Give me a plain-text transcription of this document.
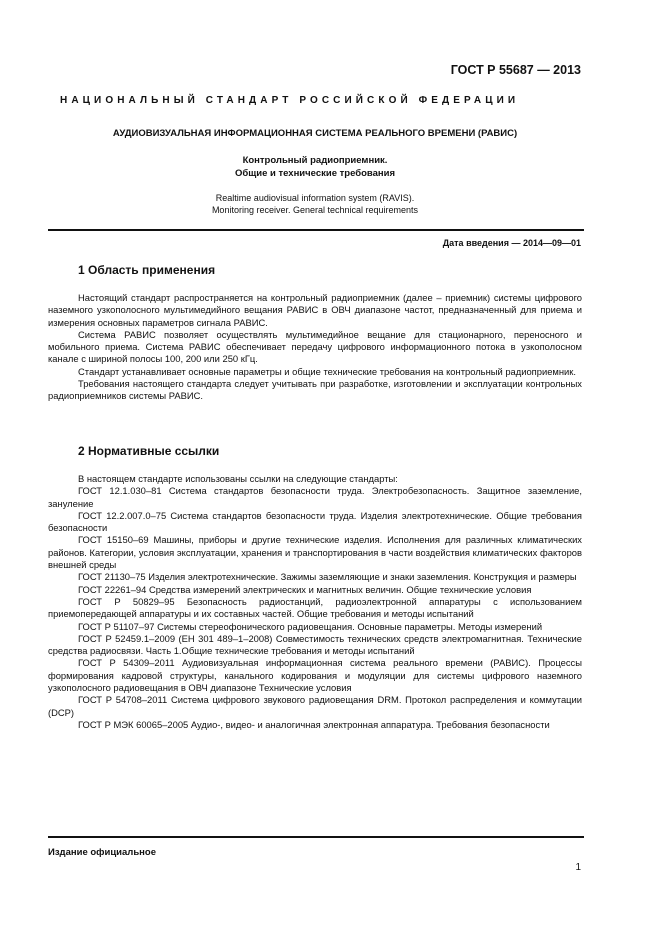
ГОСТ Р 55687 — 2013
НАЦИОНАЛЬНЫЙ СТАНДАРТ РОССИЙСКОЙ ФЕДЕРАЦИИ
АУДИОВИЗУАЛЬНАЯ ИНФОРМАЦИОННАЯ СИСТЕМА РЕАЛЬНОГО ВРЕМЕНИ (РАВИС)
Контрольный радиоприемник.
Общие и технические требования
Realtime audiovisual information system (RAVIS).
Monitoring receiver. General technical requirements
Дата введения — 2014—09—01
1 Область применения

Настоящий стандарт распространяется на контрольный радиоприемник (далее – приемник) системы цифрового наземного узкополосного мультимедийного вещания РАВИС в ОВЧ диапазоне частот, предназначенный для приема и измерения основных параметров сигнала РАВИС.

Система РАВИС позволяет осуществлять мультимедийное вещание для стационарного, переносного и мобильного приема. Система РАВИС обеспечивает передачу цифрового информационного потока в узкополосном канале с шириной полосы 100, 200 или 250 кГц.

Стандарт устанавливает основные параметры и общие технические требования на контрольный радиоприемник.

Требования настоящего стандарта следует учитывать при разработке, изготовлении и эксплуатации контрольных радиоприемников системы РАВИС.

2 Нормативные ссылки

В настоящем стандарте использованы ссылки на следующие стандарты:

ГОСТ 12.1.030–81 Система стандартов безопасности труда. Электробезопасность. Защитное заземление, зануление

ГОСТ 12.2.007.0–75 Система стандартов безопасности труда. Изделия электротехнические. Общие требования безопасности

ГОСТ 15150–69 Машины, приборы и другие технические изделия. Исполнения для различных климатических районов. Категории, условия эксплуатации, хранения и транспортирования в части воздействия климатических факторов внешней среды

ГОСТ 21130–75 Изделия электротехнические. Зажимы заземляющие и знаки заземления. Конструкция и размеры

ГОСТ 22261–94 Средства измерений электрических и магнитных величин. Общие технические условия

ГОСТ Р 50829–95 Безопасность радиостанций, радиоэлектронной аппаратуры с использованием приемопередающей аппаратуры и их составных частей. Общие требования и методы испытаний

ГОСТ Р 51107–97 Системы стереофонического радиовещания. Основные параметры. Методы измерений

ГОСТ Р 52459.1–2009 (ЕН 301 489–1–2008) Совместимость технических средств электромагнитная. Технические средства радиосвязи. Часть 1.Общие технические требования и методы испытаний

ГОСТ Р 54309–2011 Аудиовизуальная информационная система реального времени (РАВИС). Процессы формирования кадровой структуры, канального кодирования и модуляции для системы цифрового наземного узкополосного радиовещания в ОВЧ диапазоне Технические условия

ГОСТ Р 54708–2011 Система цифрового звукового радиовещания DRM. Протокол распределения и коммутации (DCP)

ГОСТ Р МЭК 60065–2005 Аудио-, видео- и аналогичная электронная аппаратура. Требования безопасности

Издание официальное
1
